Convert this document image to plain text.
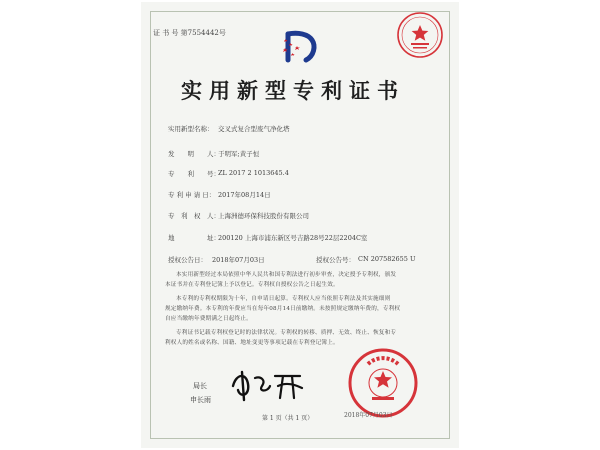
证 书 号 第7554442号
实用新型专利证书
实用新型名称： 交叉式复合型废气净化塔
发　　明　　人：
于明军;黄子恒
专　　利　　号：
ZL 2017 2 1013645.4
专 利 申 请 日： 2017年08月14日
专　利　权　人：
上海洲德环保科技股份有限公司
地　　　　　址：
200120 上海市浦东新区号吉路28号22层2204C室
授权公告日： 2018年07月03日	授权公告号： CN 207582655 U
本实用新型经过本局依照中华人民共和国专利法进行初步审查，决定授予专利权，颁发
本证书并在专利登记簿上予以登记。专利权自授权公告之日起生效。
本专利的专利权期限为十年，自申请日起算。专利权人应当依照专利法及其实施细则
规定缴纳年费。本专利的年费应当在每年08月14日前缴纳。未按照规定缴纳年费的，专利权
自应当缴纳年费期满之日起终止。
专利证书记载专利权登记时的法律状况。专利权的转移、质押、无效、终止、恢复和专
利权人的姓名或名称、国籍、地址变更等事项记载在专利登记簿上。
局长
申长雨
2018年07月03日
第 1 页（共 1 页）
